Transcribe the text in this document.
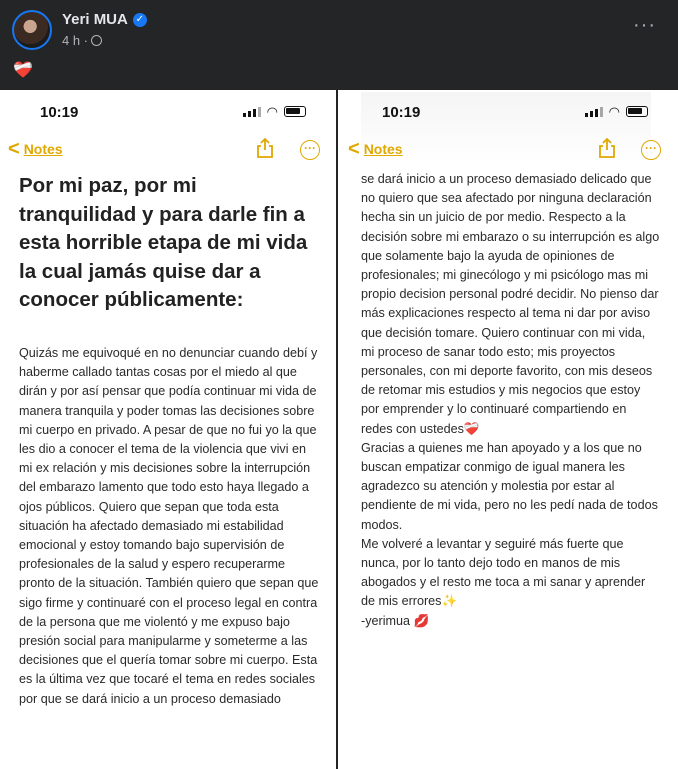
Yeri MUA ✓
4 h ·
···
❤️‍🩹
10:19	◠
< Notes	···
Por mi paz, por mi tranquilidad y para darle fin a esta horrible etapa de mi vida la cual jamás quise dar a conocer públicamente:
Quizás me equivoqué en no denunciar cuando debí y haberme callado tantas cosas por el miedo al que dirán y por así pensar que podía continuar mi vida de manera tranquila y poder tomas las decisiones sobre mi cuerpo en privado. A pesar de que no fui yo la que les dio a conocer el tema de la violencia que vivi en mi ex relación y mis decisiones sobre la interrupción del embarazo lamento que todo esto haya llegado a ojos públicos. Quiero que sepan que toda esta situación ha afectado demasiado mi estabilidad emocional y estoy tomando bajo supervisión de profesionales de la salud y espero recuperarme pronto de la situación. También quiero que sepan que sigo firme y continuaré con el proceso legal en contra de la persona que me violentó y me expuso bajo presión social para manipularme y someterme a las decisiones que el quería tomar sobre mi cuerpo. Esta es la última vez que tocaré el tema en redes sociales por que se dará inicio a un proceso demasiado
10:19	◠
< Notes	···
se dará inicio a un proceso demasiado delicado que no quiero que sea afectado por ninguna declaración hecha sin un juicio de por medio. Respecto a la decisión sobre mi embarazo o su interrupción es algo que solamente bajo la ayuda de opiniones de profesionales; mi ginecólogo y mi psicólogo mas mi propio decision personal podré decidir. No pienso dar más explicaciones respecto al tema ni dar por aviso que decisión tomare. Quiero continuar con mi vida, mi proceso de sanar todo esto; mis proyectos personales, con mi deporte favorito, con mis deseos de retomar mis estudios y mis negocios que estoy por emprender y lo continuaré compartiendo en redes con ustedes❤️‍🩹
Gracias a quienes me han apoyado y a los que no buscan empatizar conmigo de igual manera les agradezco su atención y molestia por estar al pendiente de mi vida, pero no les pedí nada de todos modos.
Me volveré a levantar y seguiré más fuerte que nunca, por lo tanto dejo todo en manos de mis abogados y el resto me toca a mi sanar y aprender de mis errores✨
-yerimua 💋
